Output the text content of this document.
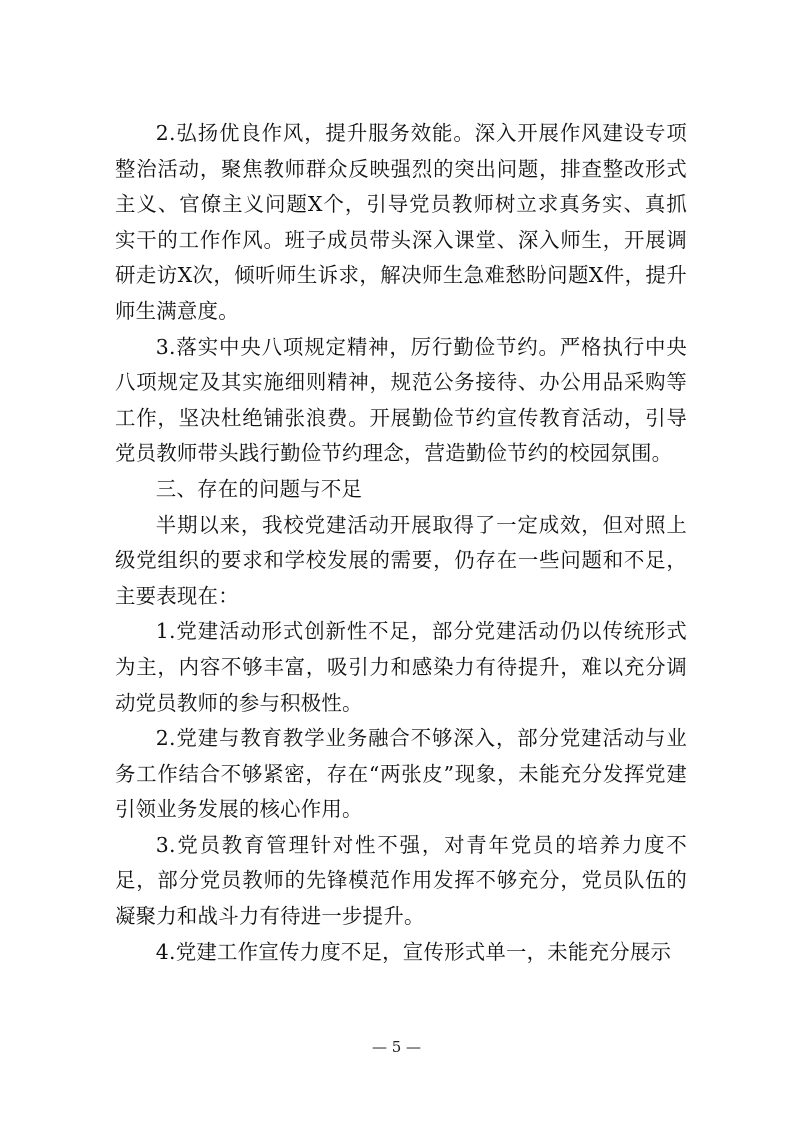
2.弘扬优良作风，提升服务效能。深入开展作风建设专项整治活动，聚焦教师群众反映强烈的突出问题，排查整改形式主义、官僚主义问题X个，引导党员教师树立求真务实、真抓实干的工作作风。班子成员带头深入课堂、深入师生，开展调研走访X次，倾听师生诉求，解决师生急难愁盼问题X件，提升师生满意度。

3.落实中央八项规定精神，厉行勤俭节约。严格执行中央八项规定及其实施细则精神，规范公务接待、办公用品采购等工作，坚决杜绝铺张浪费。开展勤俭节约宣传教育活动，引导党员教师带头践行勤俭节约理念，营造勤俭节约的校园氛围。

三、存在的问题与不足

半期以来，我校党建活动开展取得了一定成效，但对照上级党组织的要求和学校发展的需要，仍存在一些问题和不足，主要表现在：

1.党建活动形式创新性不足，部分党建活动仍以传统形式为主，内容不够丰富，吸引力和感染力有待提升，难以充分调动党员教师的参与积极性。

2.党建与教育教学业务融合不够深入，部分党建活动与业务工作结合不够紧密，存在“两张皮”现象，未能充分发挥党建引领业务发展的核心作用。

3.党员教育管理针对性不强，对青年党员的培养力度不足，部分党员教师的先锋模范作用发挥不够充分，党员队伍的凝聚力和战斗力有待进一步提升。

4.党建工作宣传力度不足，宣传形式单一，未能充分展示

— 5 —
